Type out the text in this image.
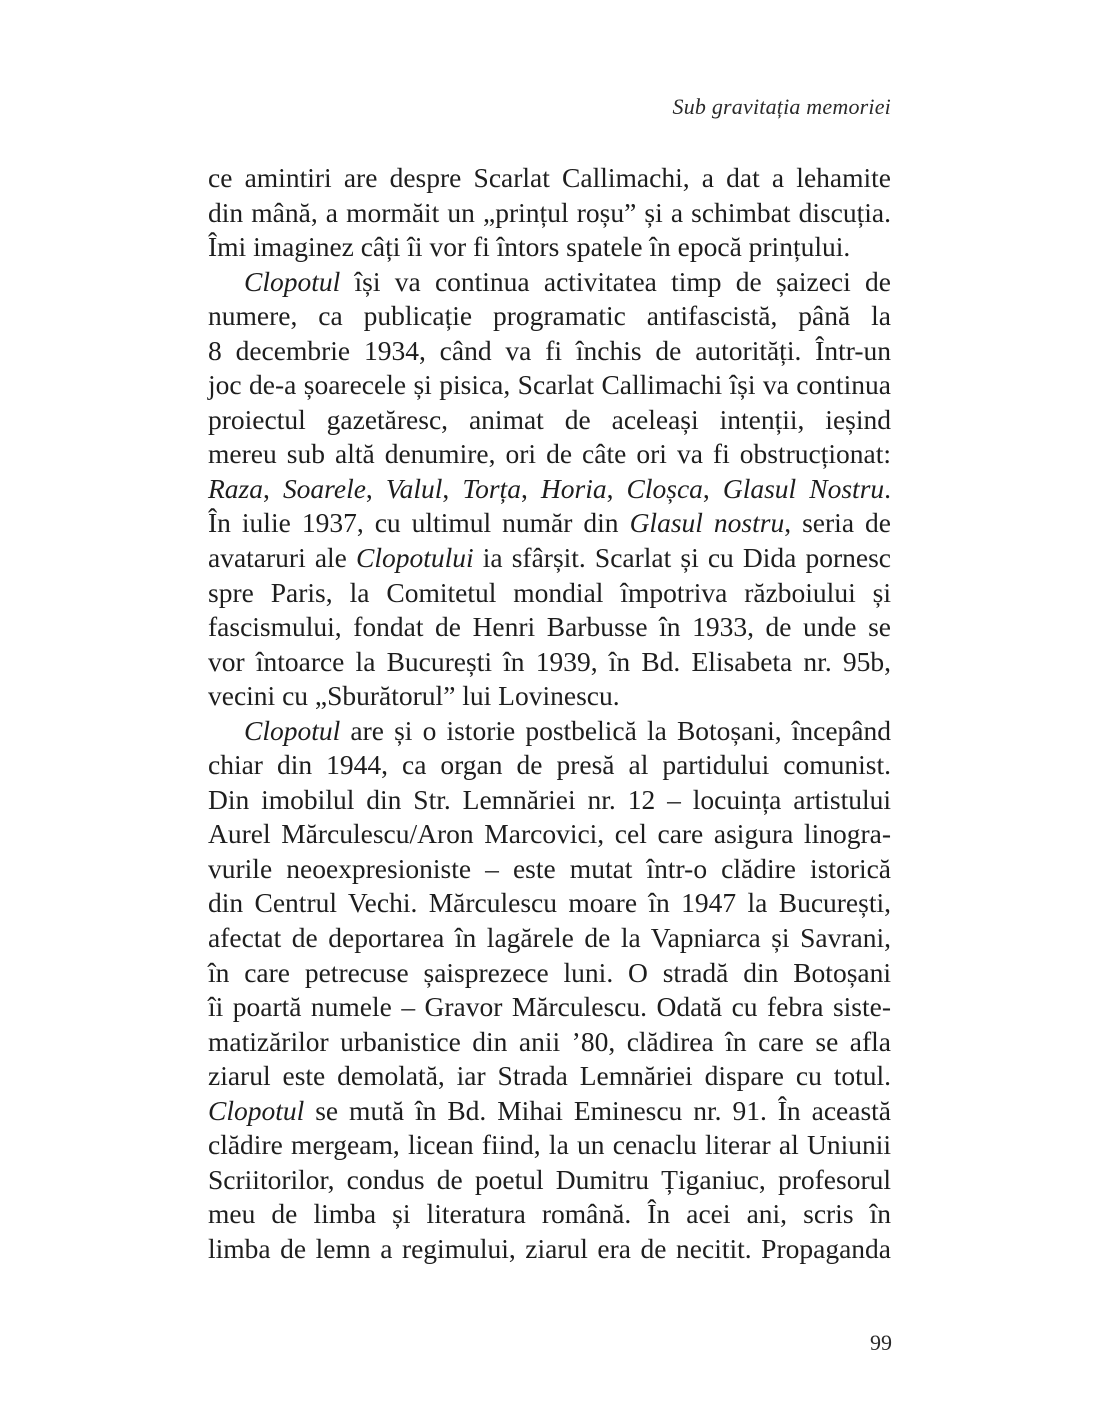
Sub gravitația memoriei
ce amintiri are despre Scarlat Callimachi, a dat a lehamite
din mână, a mormăit un „prințul roșu” și a schimbat discuția.
Îmi imaginez câți îi vor fi întors spatele în epocă prințului.
Clopotul își va continua activitatea timp de șaizeci de
numere, ca publicație programatic antifascistă, până la
8 decembrie 1934, când va fi închis de autorități. Într-un
joc de-a șoarecele și pisica, Scarlat Callimachi își va continua
proiectul gazetăresc, animat de aceleași intenții, ieșind
mereu sub altă denumire, ori de câte ori va fi obstrucționat:
Raza, Soarele, Valul, Torța, Horia, Cloșca, Glasul Nostru.
În iulie 1937, cu ultimul număr din Glasul nostru, seria de
avataruri ale Clopotului ia sfârșit. Scarlat și cu Dida pornesc
spre Paris, la Comitetul mondial împotriva războiului și
fascismului, fondat de Henri Barbusse în 1933, de unde se
vor întoarce la București în 1939, în Bd. Elisabeta nr. 95b,
vecini cu „Sburătorul” lui Lovinescu.
Clopotul are și o istorie postbelică la Botoșani, începând
chiar din 1944, ca organ de presă al partidului comunist.
Din imobilul din Str. Lemnăriei nr. 12 – locuința artistului
Aurel Mărculescu/Aron Marcovici, cel care asigura linogra-
vurile neoexpresioniste – este mutat într-o clădire istorică
din Centrul Vechi. Mărculescu moare în 1947 la București,
afectat de deportarea în lagărele de la Vapniarca și Savrani,
în care petrecuse șaisprezece luni. O stradă din Botoșani
îi poartă numele – Gravor Mărculescu. Odată cu febra siste-
matizărilor urbanistice din anii ’80, clădirea în care se afla
ziarul este demolată, iar Strada Lemnăriei dispare cu totul.
Clopotul se mută în Bd. Mihai Eminescu nr. 91. În această
clădire mergeam, licean fiind, la un cenaclu literar al Uniunii
Scriitorilor, condus de poetul Dumitru Țiganiuc, profesorul
meu de limba și literatura română. În acei ani, scris în
limba de lemn a regimului, ziarul era de necitit. Propaganda
99
